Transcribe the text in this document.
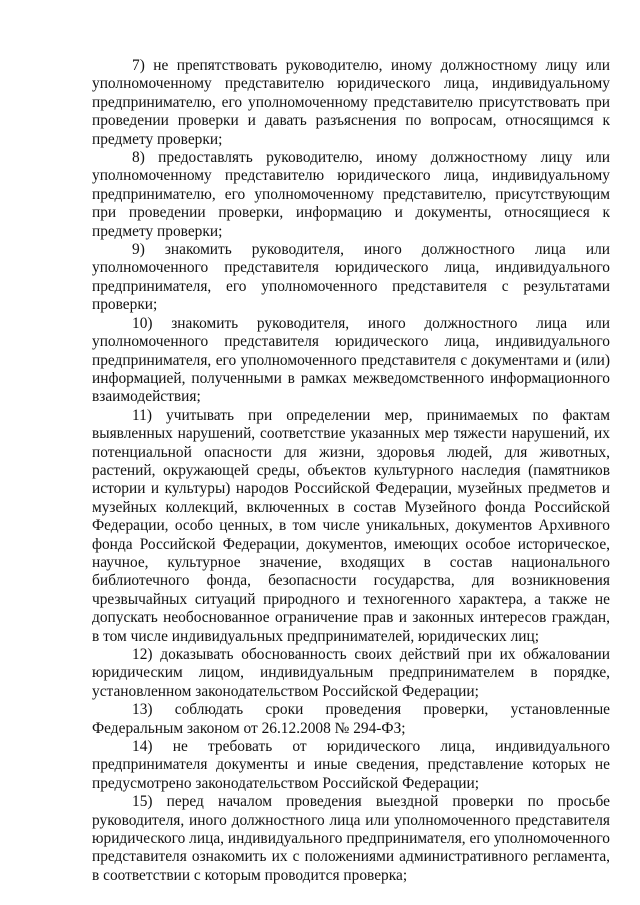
7) не препятствовать руководителю, иному должностному лицу или уполномоченному представителю юридического лица, индивидуальному предпринимателю, его уполномоченному представителю присутствовать при проведении проверки и давать разъяснения по вопросам, относящимся к предмету проверки;

8) предоставлять руководителю, иному должностному лицу или уполномоченному представителю юридического лица, индивидуальному предпринимателю, его уполномоченному представителю, присутствующим при проведении проверки, информацию и документы, относящиеся к предмету проверки;

9) знакомить руководителя, иного должностного лица или уполномоченного представителя юридического лица, индивидуального предпринимателя, его уполномоченного представителя с результатами проверки;

10) знакомить руководителя, иного должностного лица или уполномоченного представителя юридического лица, индивидуального предпринимателя, его уполномоченного представителя с документами и (или) информацией, полученными в рамках межведомственного информационного взаимодействия;

11) учитывать при определении мер, принимаемых по фактам выявленных нарушений, соответствие указанных мер тяжести нарушений, их потенциальной опасности для жизни, здоровья людей, для животных, растений, окружающей среды, объектов культурного наследия (памятников истории и культуры) народов Российской Федерации, музейных предметов и музейных коллекций, включенных в состав Музейного фонда Российской Федерации, особо ценных, в том числе уникальных, документов Архивного фонда Российской Федерации, документов, имеющих особое историческое, научное, культурное значение, входящих в состав национального библиотечного фонда, безопасности государства, для возникновения чрезвычайных ситуаций природного и техногенного характера, а также не допускать необоснованное ограничение прав и законных интересов граждан, в том числе индивидуальных предпринимателей, юридических лиц;

12) доказывать обоснованность своих действий при их обжаловании юридическим лицом, индивидуальным предпринимателем в порядке, установленном законодательством Российской Федерации;

13) соблюдать сроки проведения проверки, установленные Федеральным законом от 26.12.2008 № 294-ФЗ;

14) не требовать от юридического лица, индивидуального предпринимателя документы и иные сведения, представление которых не предусмотрено законодательством Российской Федерации;

15) перед началом проведения выездной проверки по просьбе руководителя, иного должностного лица или уполномоченного представителя юридического лица, индивидуального предпринимателя, его уполномоченного представителя ознакомить их с положениями административного регламента, в соответствии с которым проводится проверка;
